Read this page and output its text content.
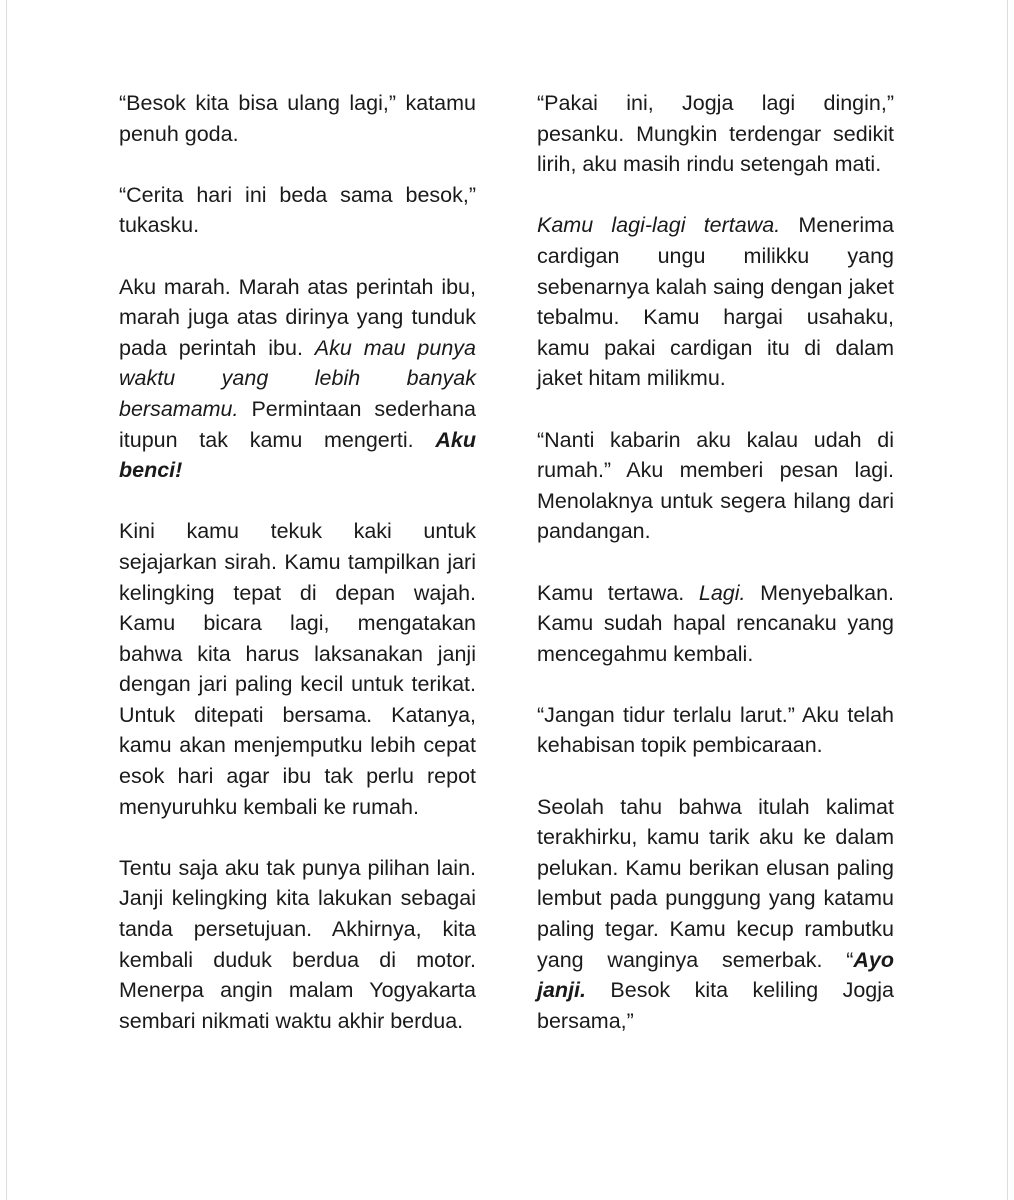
“Besok kita bisa ulang lagi,” katamu penuh goda.

“Cerita hari ini beda sama besok,” tukasku.

Aku marah. Marah atas perintah ibu, marah juga atas dirinya yang tunduk pada perintah ibu. Aku mau punya waktu yang lebih banyak bersamamu. Permintaan sederhana itupun tak kamu mengerti. Aku benci!

Kini kamu tekuk kaki untuk sejajarkan sirah. Kamu tampilkan jari kelingking tepat di depan wajah. Kamu bicara lagi, mengatakan bahwa kita harus laksanakan janji dengan jari paling kecil untuk terikat. Untuk ditepati bersama. Katanya, kamu akan menjemputku lebih cepat esok hari agar ibu tak perlu repot menyuruhku kembali ke rumah.

Tentu saja aku tak punya pilihan lain. Janji kelingking kita lakukan sebagai tanda persetujuan. Akhirnya, kita kembali duduk berdua di motor. Menerpa angin malam Yogyakarta sembari nikmati waktu akhir berdua.

“Pakai ini, Jogja lagi dingin,” pesanku. Mungkin terdengar sedikit lirih, aku masih rindu setengah mati.

Kamu lagi-lagi tertawa. Menerima cardigan ungu milikku yang sebenarnya kalah saing dengan jaket tebalmu. Kamu hargai usahaku, kamu pakai cardigan itu di dalam jaket hitam milikmu.

“Nanti kabarin aku kalau udah di rumah.” Aku memberi pesan lagi. Menolaknya untuk segera hilang dari pandangan.

Kamu tertawa. Lagi. Menyebalkan. Kamu sudah hapal rencanaku yang mencegahmu kembali.

“Jangan tidur terlalu larut.” Aku telah kehabisan topik pembicaraan.

Seolah tahu bahwa itulah kalimat terakhirku, kamu tarik aku ke dalam pelukan. Kamu berikan elusan paling lembut pada punggung yang katamu paling tegar. Kamu kecup rambutku yang wanginya semerbak. “Ayo janji. Besok kita keliling Jogja bersama,”
